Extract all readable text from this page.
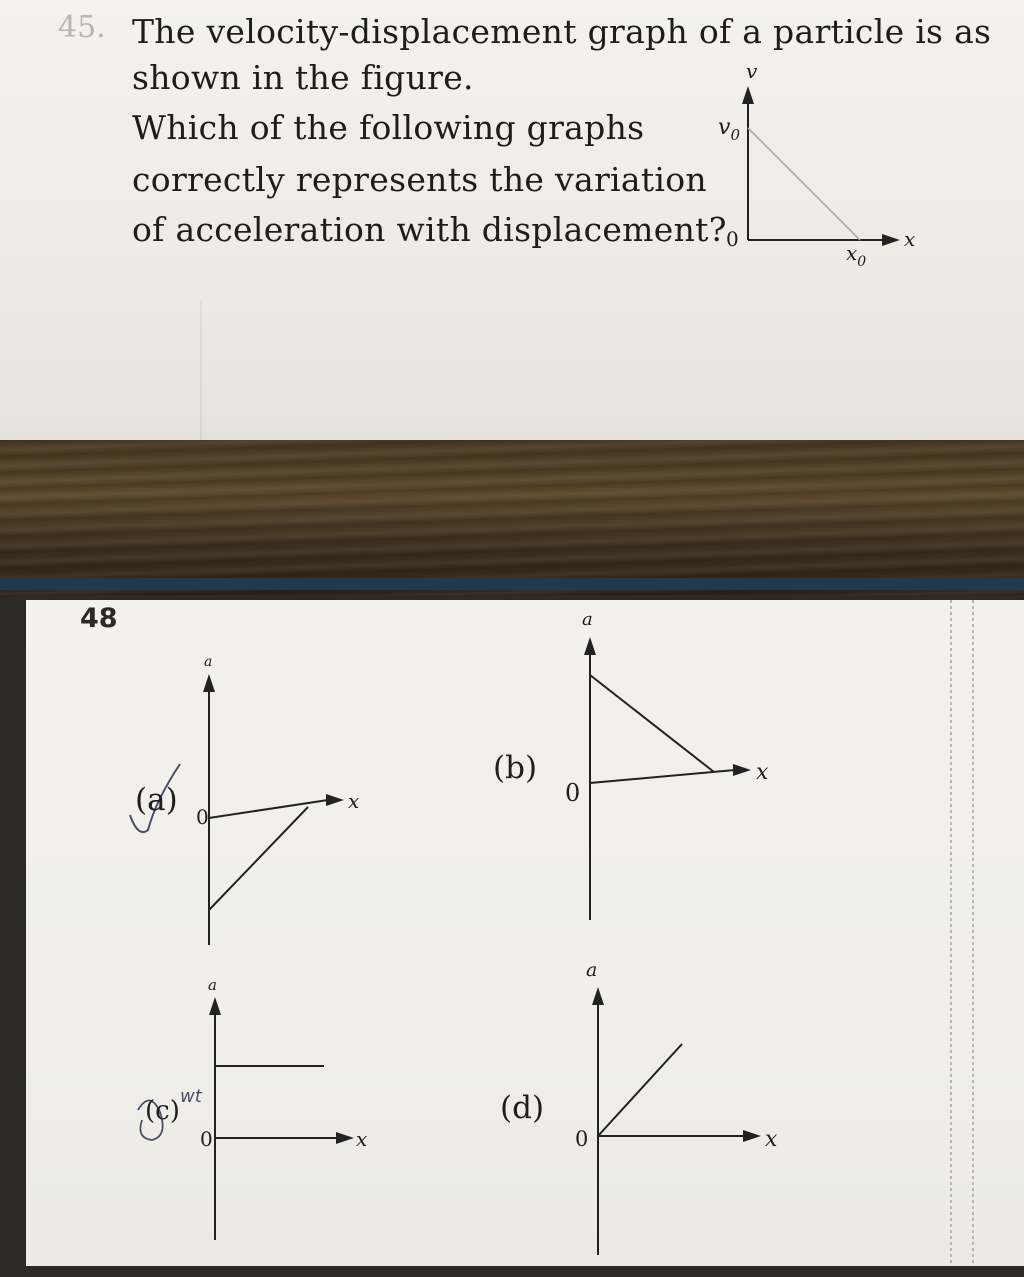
45. The velocity-displacement graph of a particle is as
shown in the figure.
Which of the following graphs
correctly represents the variation
of acceleration with displacement?
v
$v_0$
0
$x_0$
x
48
a
0
x
(a)
a
0
x
(b)
a
0	x
(c) wt
a
0	x
(d)
